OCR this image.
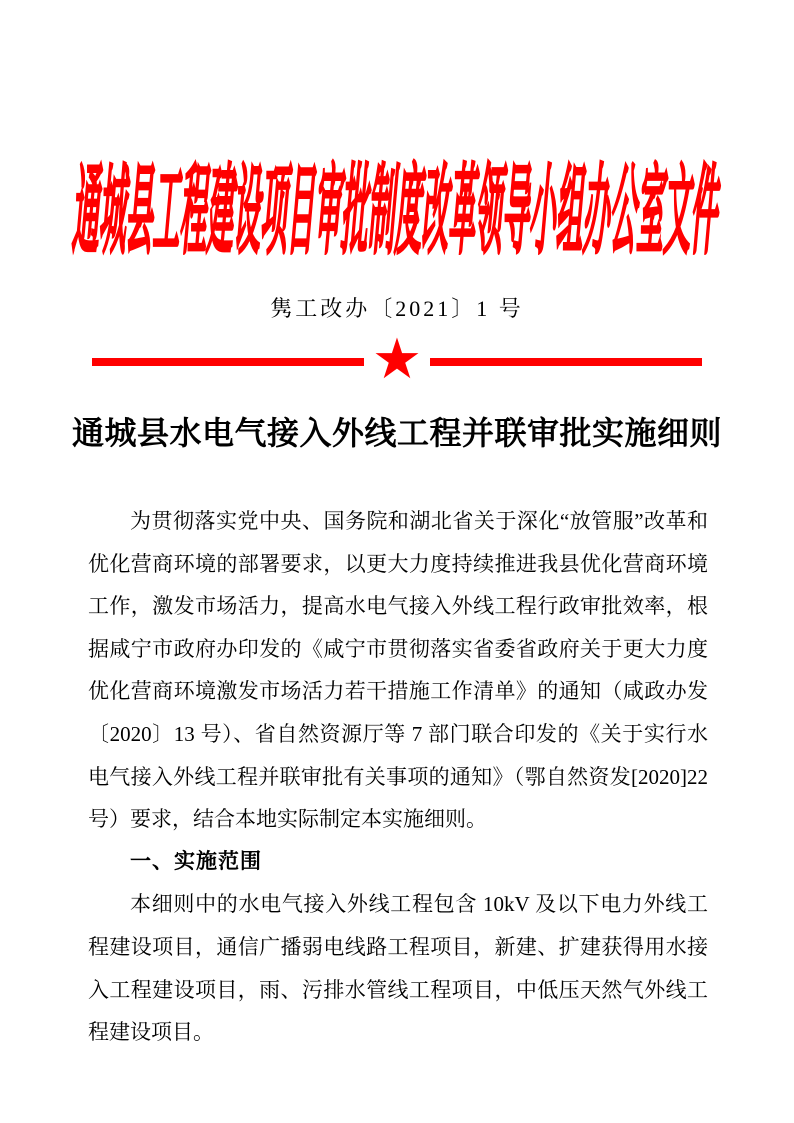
通城县工程建设项目审批制度改革领导小组办公室文件
隽工改办〔2021〕1 号
★
通城县水电气接入外线工程并联审批实施细则

为贯彻落实党中央、国务院和湖北省关于深化“放管服”改革和优化营商环境的部署要求，以更大力度持续推进我县优化营商环境工作，激发市场活力，提高水电气接入外线工程行政审批效率，根据咸宁市政府办印发的《咸宁市贯彻落实省委省政府关于更大力度优化营商环境激发市场活力若干措施工作清单》的通知（咸政办发〔2020〕13 号）、省自然资源厅等 7 部门联合印发的《关于实行水电气接入外线工程并联审批有关事项的通知》（鄂自然资发[2020]22 号）要求，结合本地实际制定本实施细则。

一、实施范围

本细则中的水电气接入外线工程包含 10kV 及以下电力外线工程建设项目，通信广播弱电线路工程项目，新建、扩建获得用水接入工程建设项目，雨、污排水管线工程项目，中低压天然气外线工程建设项目。
